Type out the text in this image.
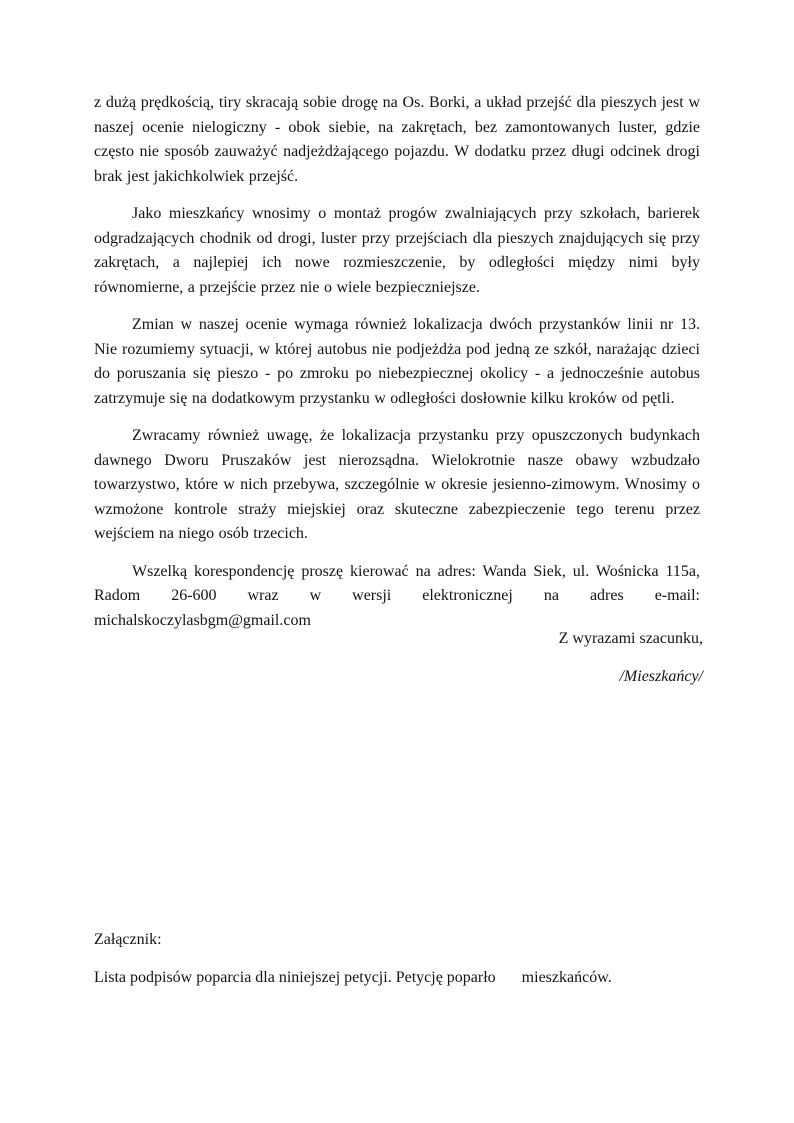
z dużą prędkością, tiry skracają sobie drogę na Os. Borki, a układ przejść dla pieszych jest w naszej ocenie nielogiczny - obok siebie, na zakrętach, bez zamontowanych luster, gdzie często nie sposób zauważyć nadjeżdżającego pojazdu. W dodatku przez długi odcinek drogi brak jest jakichkolwiek przejść.

Jako mieszkańcy wnosimy o montaż progów zwalniających przy szkołach, barierek odgradzających chodnik od drogi, luster przy przejściach dla pieszych znajdujących się przy zakrętach, a najlepiej ich nowe rozmieszczenie, by odległości między nimi były równomierne, a przejście przez nie o wiele bezpieczniejsze.

Zmian w naszej ocenie wymaga również lokalizacja dwóch przystanków linii nr 13. Nie rozumiemy sytuacji, w której autobus nie podjeżdża pod jedną ze szkół, narażając dzieci do poruszania się pieszo - po zmroku po niebezpiecznej okolicy - a jednocześnie autobus zatrzymuje się na dodatkowym przystanku w odległości dosłownie kilku kroków od pętli.

Zwracamy również uwagę, że lokalizacja przystanku przy opuszczonych budynkach dawnego Dworu Pruszaków jest nierozsądna. Wielokrotnie nasze obawy wzbudzało towarzystwo, które w nich przebywa, szczególnie w okresie jesienno-zimowym. Wnosimy o wzmożone kontrole straży miejskiej oraz skuteczne zabezpieczenie tego terenu przez wejściem na niego osób trzecich.

Wszelką korespondencję proszę kierować na adres: Wanda Siek, ul. Wośnicka 115a, Radom 26-600 wraz w wersji elektronicznej na adres e-mail: michalskoczylasbgm@gmail.com

Z wyrazami szacunku,

/Mieszkańcy/

Załącznik:

Lista podpisów poparcia dla niniejszej petycji. Petycję poparło mieszkańców.
